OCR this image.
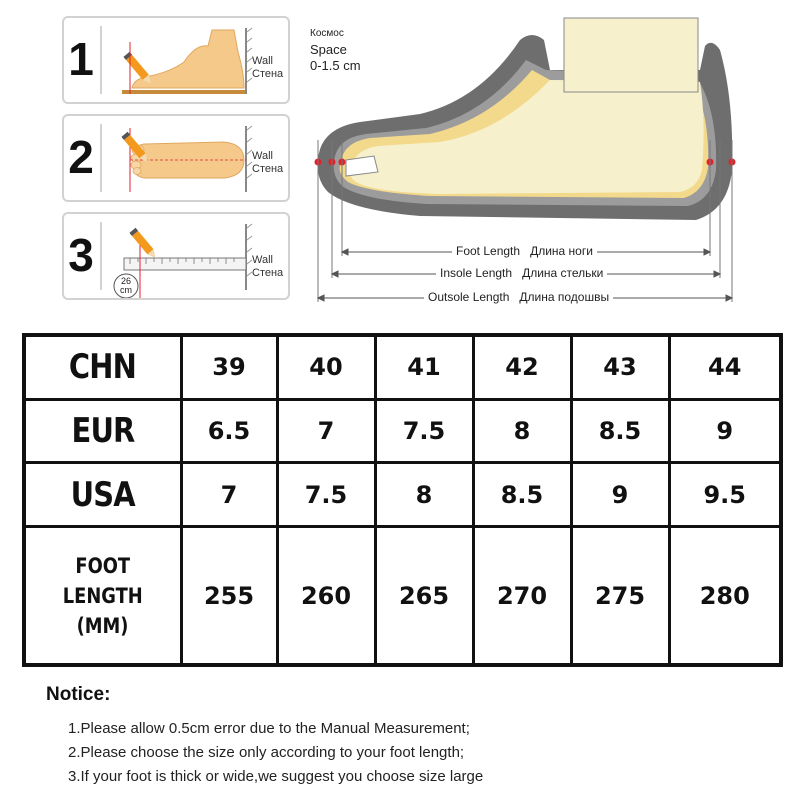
1	Wall
Стена
2	Wall
Стена
3	26 cm
Wall
Стена
Космос
Space
0-1.5 cm
Foot Length Длина ноги
Insole Length Длина стельки
Outsole Length Длина подошвы
CHN	39	40	41	42	43	44
EUR	6.5	7	7.5	8	8.5	9
USA	7	7.5	8	8.5	9	9.5
FOOT LENGTH
(MM)	255	260	265	270	275	280
Notice:
1.Please allow 0.5cm error due to the Manual Measurement;
2.Please choose the size only according to your foot length;
3.If your foot is thick or wide,we suggest you choose size large
